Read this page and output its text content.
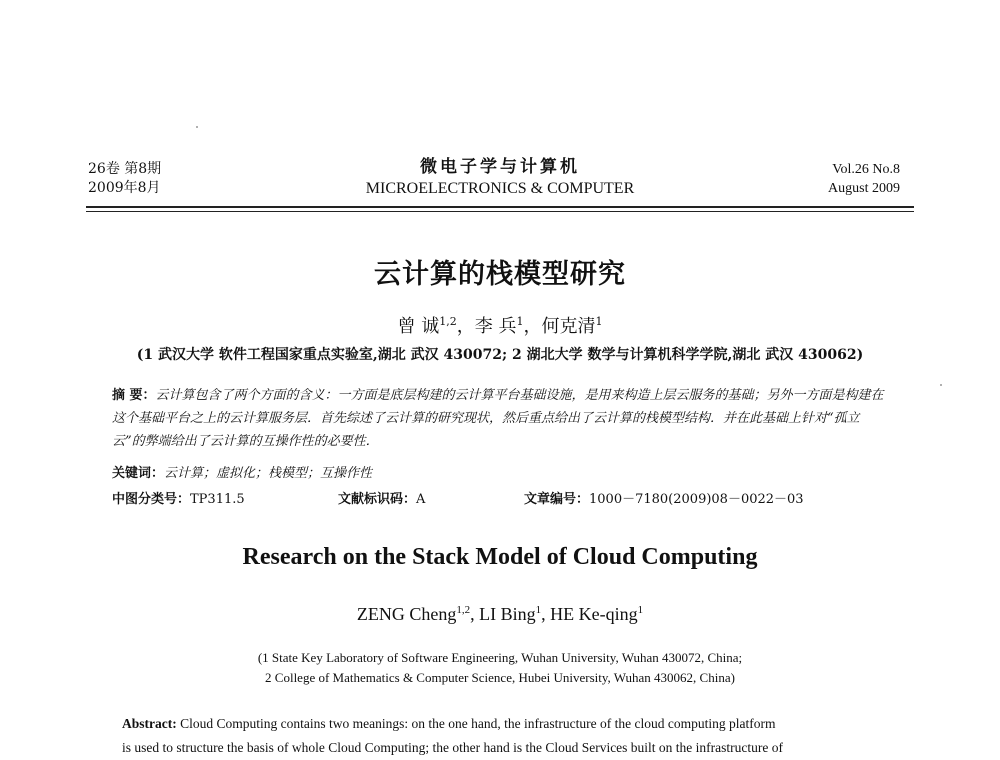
26卷 第8期
2009年8月
微电子学与计算机
MICROELECTRONICS & COMPUTER
Vol.26 No.8
August 2009
云计算的栈模型研究
曾 诚$^{1,2}$，李 兵$^1$，何克清$^1$
(1 武汉大学 软件工程国家重点实验室,湖北 武汉 430072; 2 湖北大学 数学与计算机科学学院,湖北 武汉 430062)
摘 要：云计算包含了两个方面的含义：一方面是底层构建的云计算平台基础设施，是用来构造上层云服务的基础；另外一方面是构建在这个基础平台之上的云计算服务层．首先综述了云计算的研究现状，然后重点给出了云计算的栈模型结构．并在此基础上针对“孤立云”的弊端给出了云计算的互操作性的必要性．
关键词：云计算；虚拟化；栈模型；互操作性
中图分类号：TP311.5	文献标识码：A	文章编号：1000－7180(2009)08－0022－03
Research on the Stack Model of Cloud Computing
ZENG Cheng$^{1,2}$, LI Bing$^1$, HE Ke-qing$^1$
(1 State Key Laboratory of Software Engineering, Wuhan University, Wuhan 430072, China;
2 College of Mathematics & Computer Science, Hubei University, Wuhan 430062, China)
Abstract: Cloud Computing contains two meanings: on the one hand, the infrastructure of the cloud computing platform
is used to structure the basis of whole Cloud Computing; the other hand is the Cloud Services built on the infrastructure of
